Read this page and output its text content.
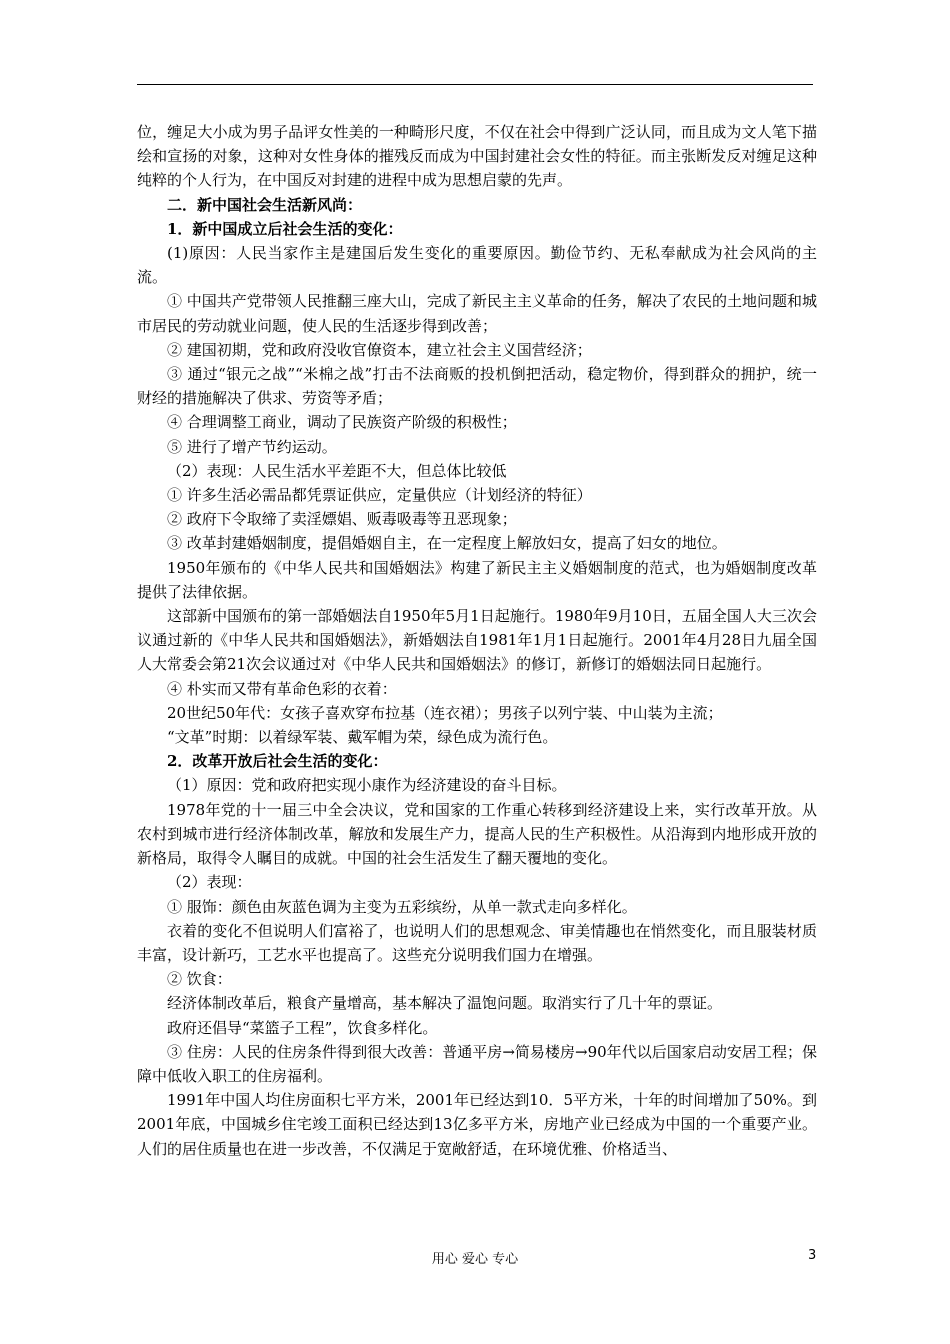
位，缠足大小成为男子品评女性美的一种畸形尺度，不仅在社会中得到广泛认同，而且成为文人笔下描绘和宣扬的对象，这种对女性身体的摧残反而成为中国封建社会女性的特征。而主张断发反对缠足这种纯粹的个人行为，在中国反对封建的进程中成为思想启蒙的先声。

二．新中国社会生活新风尚：

1．新中国成立后社会生活的变化：

(1)原因：人民当家作主是建国后发生变化的重要原因。勤俭节约、无私奉献成为社会风尚的主流。

① 中国共产党带领人民推翻三座大山，完成了新民主主义革命的任务，解决了农民的土地问题和城市居民的劳动就业问题，使人民的生活逐步得到改善；

② 建国初期，党和政府没收官僚资本，建立社会主义国营经济；

③ 通过“银元之战”“米棉之战”打击不法商贩的投机倒把活动，稳定物价，得到群众的拥护，统一财经的措施解决了供求、劳资等矛盾；

④ 合理调整工商业，调动了民族资产阶级的积极性；

⑤ 进行了增产节约运动。

（2）表现：人民生活水平差距不大，但总体比较低

① 许多生活必需品都凭票证供应，定量供应（计划经济的特征）

② 政府下令取缔了卖淫嫖娼、贩毒吸毒等丑恶现象；

③ 改革封建婚姻制度，提倡婚姻自主，在一定程度上解放妇女，提高了妇女的地位。

1950年颁布的《中华人民共和国婚姻法》构建了新民主主义婚姻制度的范式，也为婚姻制度改革提供了法律依据。

这部新中国颁布的第一部婚姻法自1950年5月1日起施行。1980年9月10日，五届全国人大三次会议通过新的《中华人民共和国婚姻法》，新婚姻法自1981年1月1日起施行。2001年4月28日九届全国人大常委会第21次会议通过对《中华人民共和国婚姻法》的修订，新修订的婚姻法同日起施行。

④ 朴实而又带有革命色彩的衣着：

20世纪50年代：女孩子喜欢穿布拉基（连衣裙）；男孩子以列宁装、中山装为主流；

“文革”时期：以着绿军装、戴军帽为荣，绿色成为流行色。

2．改革开放后社会生活的变化：

（1）原因：党和政府把实现小康作为经济建设的奋斗目标。

1978年党的十一届三中全会决议，党和国家的工作重心转移到经济建设上来，实行改革开放。从农村到城市进行经济体制改革，解放和发展生产力，提高人民的生产积极性。从沿海到内地形成开放的新格局，取得令人瞩目的成就。中国的社会生活发生了翻天覆地的变化。

（2）表现：

① 服饰：颜色由灰蓝色调为主变为五彩缤纷，从单一款式走向多样化。

衣着的变化不但说明人们富裕了，也说明人们的思想观念、审美情趣也在悄然变化，而且服装材质丰富，设计新巧，工艺水平也提高了。这些充分说明我们国力在增强。

② 饮食：

经济体制改革后，粮食产量增高，基本解决了温饱问题。取消实行了几十年的票证。

政府还倡导“菜篮子工程”，饮食多样化。

③ 住房：人民的住房条件得到很大改善：普通平房→简易楼房→90年代以后国家启动安居工程；保障中低收入职工的住房福利。

1991年中国人均住房面积七平方米，2001年已经达到10．5平方米，十年的时间增加了50%。到2001年底，中国城乡住宅竣工面积已经达到13亿多平方米，房地产业已经成为中国的一个重要产业。人们的居住质量也在进一步改善，不仅满足于宽敞舒适，在环境优雅、价格适当、

用心 爱心 专心	3
